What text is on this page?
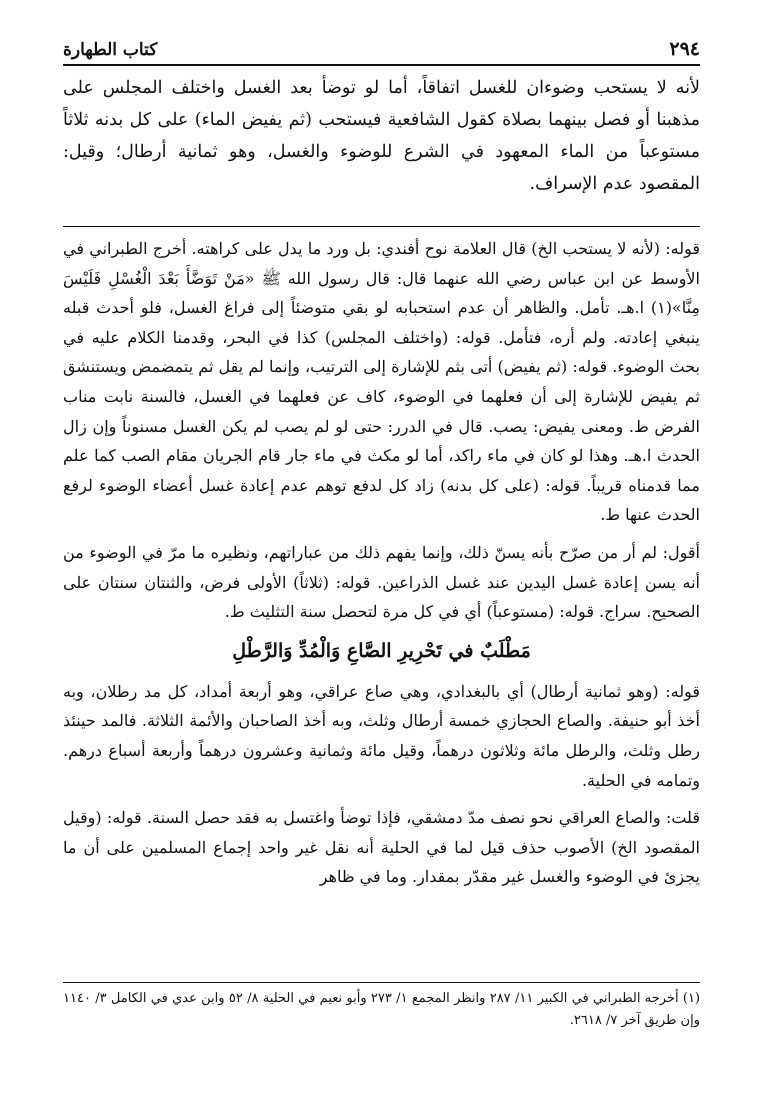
٢٩٤
كتاب الطهارة
لأنه لا يستحب وضوءان للغسل اتفاقاً، أما لو توضأ بعد الغسل واختلف المجلس على مذهبنا أو فصل بينهما بصلاة كقول الشافعية فيستحب (ثم يفيض الماء) على كل بدنه ثلاثاً مستوعباً من الماء المعهود في الشرع للوضوء والغسل، وهو ثمانية أرطال؛ وقيل: المقصود عدم الإسراف.

قوله: (لأنه لا يستحب الخ) قال العلامة نوح أفندي: بل ورد ما يدل على كراهته. أخرج الطبراني في الأوسط عن ابن عباس رضي الله عنهما قال: قال رسول الله ﷺ «مَنْ تَوَضَّأَ بَعْدَ الْغُسْلِ فَلَيْسَ مِنَّا»(١) ا.هـ. تأمل. والظاهر أن عدم استحبابه لو بقي متوضئاً إلى فراغ الغسل، فلو أحدث قبله ينبغي إعادته. ولم أره، فتأمل. قوله: (واختلف المجلس) كذا في البحر، وقدمنا الكلام عليه في بحث الوضوء. قوله: (ثم يفيض) أتى بثم للإشارة إلى الترتيب، وإنما لم يقل ثم يتمضمض ويستنشق ثم يفيض للإشارة إلى أن فعلهما في الوضوء، كاف عن فعلهما في الغسل، فالسنة نابت مناب الفرض ط. ومعنى يفيض: يصب. قال في الدرر: حتى لو لم يصب لم يكن الغسل مسنوناً وإن زال الحدث ا.هـ. وهذا لو كان في ماء راكد، أما لو مكث في ماء جار قام الجريان مقام الصب كما علم مما قدمناه قريباً. قوله: (على كل بدنه) زاد كل لدفع توهم عدم إعادة غسل أعضاء الوضوء لرفع الحدث عنها ط.

أقول: لم أر من صرّح بأنه يسنّ ذلك، وإنما يفهم ذلك من عباراتهم، ونظيره ما مرّ في الوضوء من أنه يسن إعادة غسل اليدين عند غسل الذراعين. قوله: (ثلاثاً) الأولى فرض، والثنتان سنتان على الصحيح. سراج. قوله: (مستوعباً) أي في كل مرة لتحصل سنة التثليث ط.

مَطْلَبٌ في تَحْرِيرِ الصَّاعِ وَالْمُدِّ وَالرَّطْلِ

قوله: (وهو ثمانية أرطال) أي بالبغدادي، وهي صاع عراقي، وهو أربعة أمداد، كل مد رطلان، وبه أخذ أبو حنيفة. والصاع الحجازي خمسة أرطال وثلث، وبه أخذ الصاحبان والأئمة الثلاثة. فالمد حينئذ رطل وثلث، والرطل مائة وثلاثون درهماً، وقيل مائة وثمانية وعشرون درهماً وأربعة أسباع درهم. وتمامه في الحلية.

قلت: والصاع العراقي نحو نصف مدّ دمشقي، فإذا توضأ واغتسل به فقد حصل السنة. قوله: (وقيل المقصود الخ) الأصوب حذف قيل لما في الحلية أنه نقل غير واحد إجماع المسلمين على أن ما يجزئ في الوضوء والغسل غير مقدّر بمقدار. وما في ظاهر

(١) أخرجه الطبراني في الكبير ١١/ ٢٨٧ وانظر المجمع ١/ ٢٧٣ وأبو نعيم في الحلية ٨/ ٥٢ وابن عدي في الكامل ٣/ ١١٤٠ وإن طريق آخر ٧/ ٢٦١٨.
